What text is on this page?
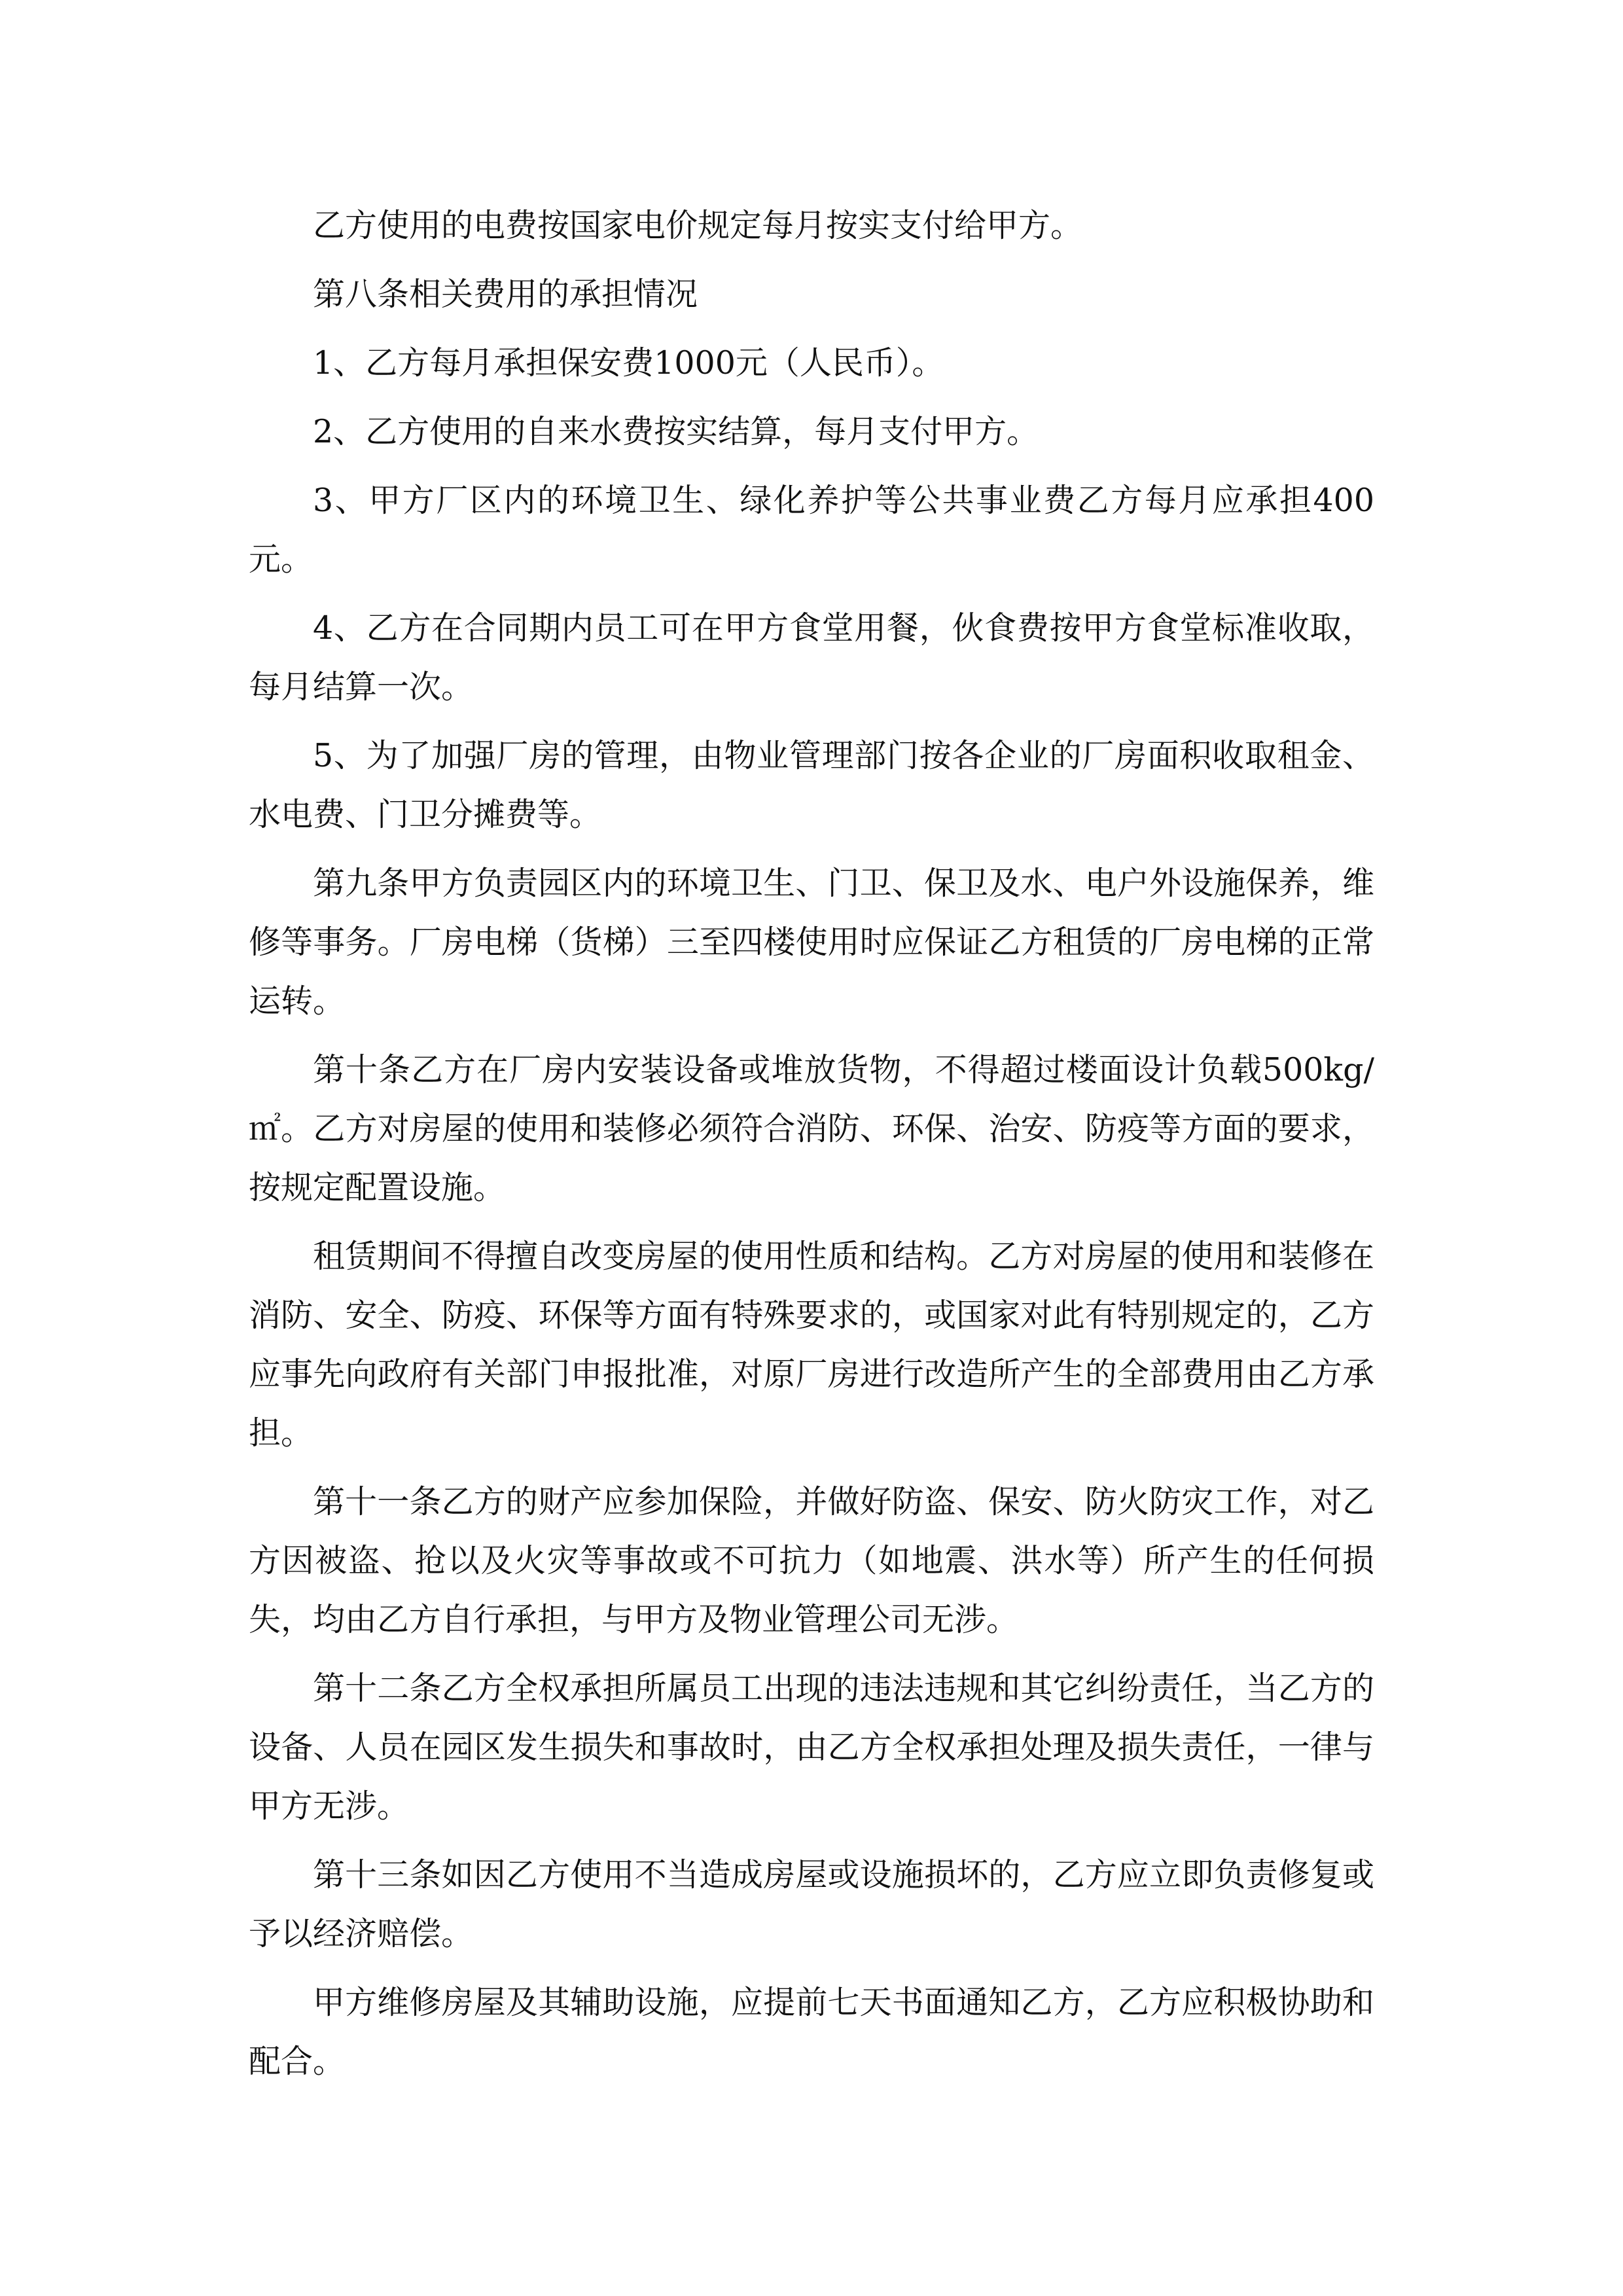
乙方使用的电费按国家电价规定每月按实支付给甲方。

第八条相关费用的承担情况

1、乙方每月承担保安费1000元（人民币）。

2、乙方使用的自来水费按实结算，每月支付甲方。

3、甲方厂区内的环境卫生、绿化养护等公共事业费乙方每月应承担400元。

4、乙方在合同期内员工可在甲方食堂用餐，伙食费按甲方食堂标准收取，每月结算一次。

5、为了加强厂房的管理，由物业管理部门按各企业的厂房面积收取租金、水电费、门卫分摊费等。

第九条甲方负责园区内的环境卫生、门卫、保卫及水、电户外设施保养，维修等事务。厂房电梯（货梯）三至四楼使用时应保证乙方租赁的厂房电梯的正常运转。

第十条乙方在厂房内安装设备或堆放货物，不得超过楼面设计负载500kg/㎡。乙方对房屋的使用和装修必须符合消防、环保、治安、防疫等方面的要求，按规定配置设施。

租赁期间不得擅自改变房屋的使用性质和结构。乙方对房屋的使用和装修在消防、安全、防疫、环保等方面有特殊要求的，或国家对此有特别规定的，乙方应事先向政府有关部门申报批准，对原厂房进行改造所产生的全部费用由乙方承担。

第十一条乙方的财产应参加保险，并做好防盗、保安、防火防灾工作，对乙方因被盗、抢以及火灾等事故或不可抗力（如地震、洪水等）所产生的任何损失，均由乙方自行承担，与甲方及物业管理公司无涉。

第十二条乙方全权承担所属员工出现的违法违规和其它纠纷责任，当乙方的设备、人员在园区发生损失和事故时，由乙方全权承担处理及损失责任，一律与甲方无涉。

第十三条如因乙方使用不当造成房屋或设施损坏的，乙方应立即负责修复或予以经济赔偿。

甲方维修房屋及其辅助设施，应提前七天书面通知乙方，乙方应积极协助和配合。
